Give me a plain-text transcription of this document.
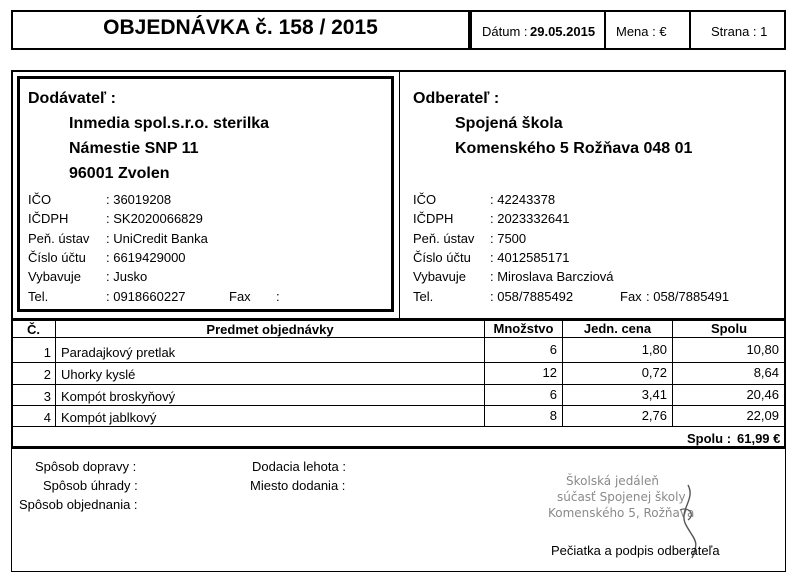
OBJEDNÁVKA č. 158 / 2015	Dátum : 29.05.2015 Mena : €	Strana : 1
Dodávateľ :
Inmedia spol.s.r.o. sterilka
Námestie SNP 11
96001 Zvolen
IČO	: 36019208
IČDPH	: SK2020066829
Peň. ústav : UniCredit Banka
Číslo účtu : 6619429000
Vybavuje : Jusko
Tel.	: 0918660227	Fax :
Odberateľ :
Spojená škola
Komenského 5 Rožňava 048 01
IČO	: 42243378
IČDPH	: 2023332641
Peň. ústav : 7500
Číslo účtu : 4012585171
Vybavuje : Miroslava Barcziová
Tel.	: 058/7885492	Fax : 058/7885491
Č.	Predmet objednávky	Množstvo	Jedn. cena	Spolu
1 Paradajkový pretlak	6	1,80	10,80
2 Uhorky kyslé	12	0,72	8,64
3 Kompót broskyňový	6	3,41	20,46
4 Kompót jablkový	8	2,76	22,09
Spolu : 61,99 €
Spôsob dopravy :
Spôsob úhrady :
Spôsob objednania :
Dodacia lehota :
Miesto dodania :	Školská jedáleň
súčasť Spojenej školy
Komenského 5, Rožňava
Pečiatka a podpis odberateľa
